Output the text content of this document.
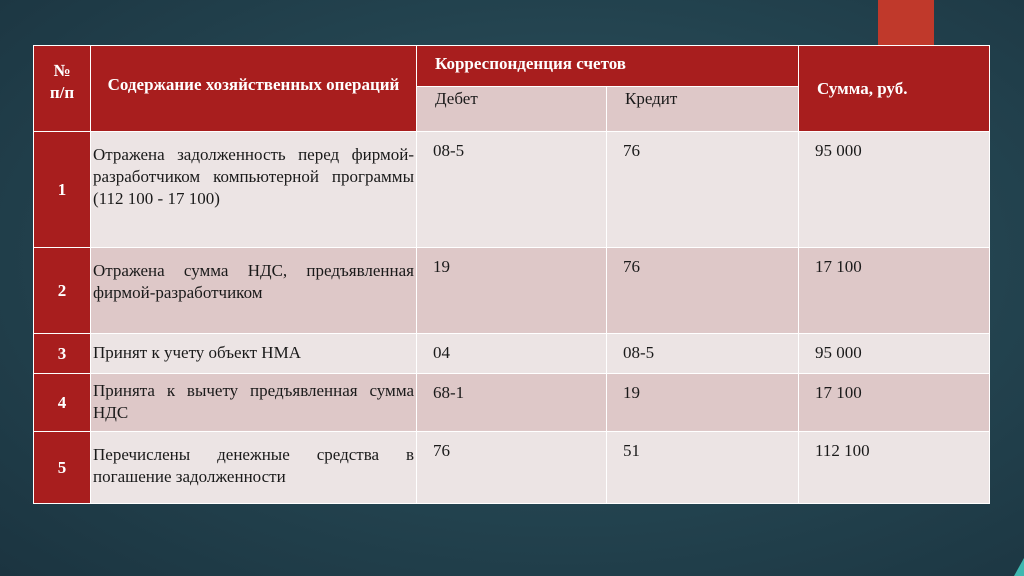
№
п/п	Содержание хозяйственных операций	Корреспонденция счетов		Сумма, руб.
		Дебет	Кредит	
1	Отражена задолженность перед фирмой-разработчиком компьютерной программы (112 100 - 17 100)	08-5	76	95 000
2	Отражена сумма НДС, предъявленная фирмой-разработчиком	19	76	17 100
3	Принят к учету объект НМА	04	08-5	95 000
4	Принята к вычету предъявленная сумма НДС	68-1	19	17 100
5	Перечислены денежные средства в погашение задолженности	76	51	112 100
